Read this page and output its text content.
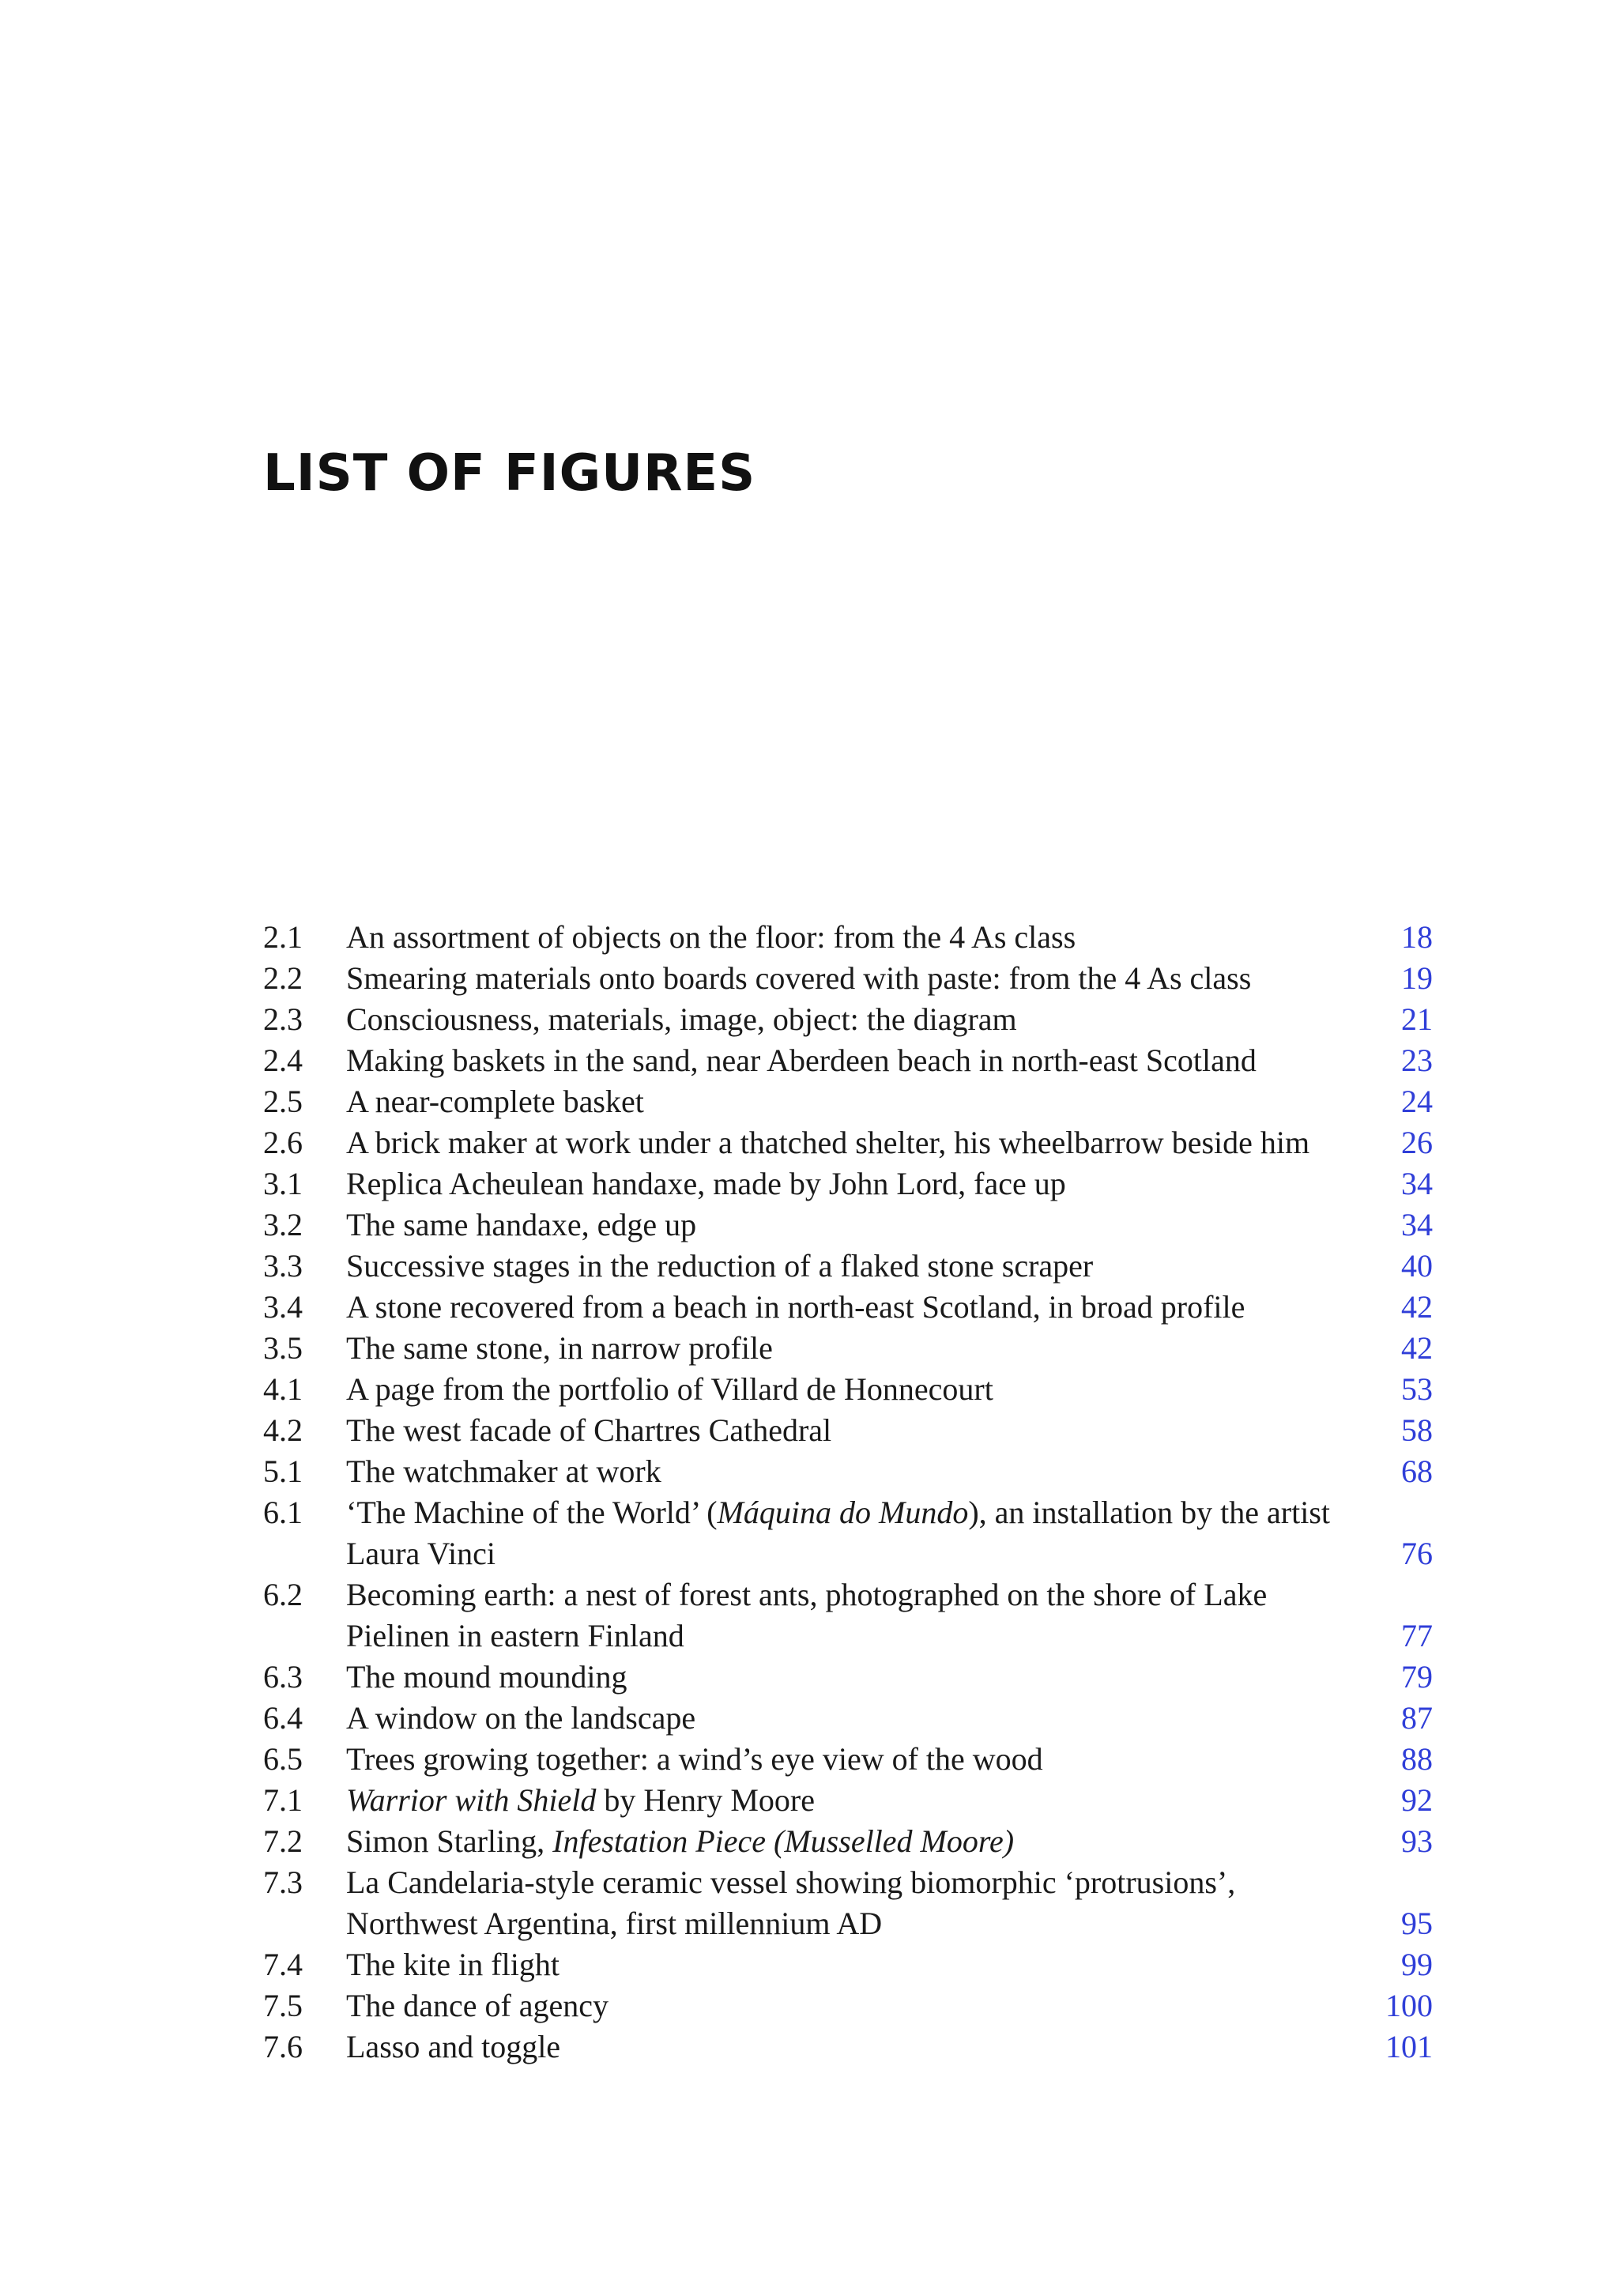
LIST OF FIGURES
2.1	An assortment of objects on the floor: from the 4 As class	18
2.2	Smearing materials onto boards covered with paste: from the 4 As class	19
2.3	Consciousness, materials, image, object: the diagram	21
2.4	Making baskets in the sand, near Aberdeen beach in north-east Scotland	23
2.5	A near-complete basket	24
2.6	A brick maker at work under a thatched shelter, his wheelbarrow beside him	26
3.1	Replica Acheulean handaxe, made by John Lord, face up	34
3.2	The same handaxe, edge up	34
3.3	Successive stages in the reduction of a flaked stone scraper	40
3.4	A stone recovered from a beach in north-east Scotland, in broad profile	42
3.5	The same stone, in narrow profile	42
4.1	A page from the portfolio of Villard de Honnecourt	53
4.2	The west facade of Chartres Cathedral	58
5.1	The watchmaker at work	68
6.1	‘The Machine of the World’ (Máquina do Mundo), an installation by the artist Laura Vinci	76
6.2	Becoming earth: a nest of forest ants, photographed on the shore of Lake Pielinen in eastern Finland	77
6.3	The mound mounding	79
6.4	A window on the landscape	87
6.5	Trees growing together: a wind’s eye view of the wood	88
7.1	Warrior with Shield by Henry Moore	92
7.2	Simon Starling, Infestation Piece (Musselled Moore)	93
7.3	La Candelaria-style ceramic vessel showing biomorphic ‘protrusions’, Northwest Argentina, first millennium AD	95
7.4	The kite in flight	99
7.5	The dance of agency	100
7.6	Lasso and toggle	101
